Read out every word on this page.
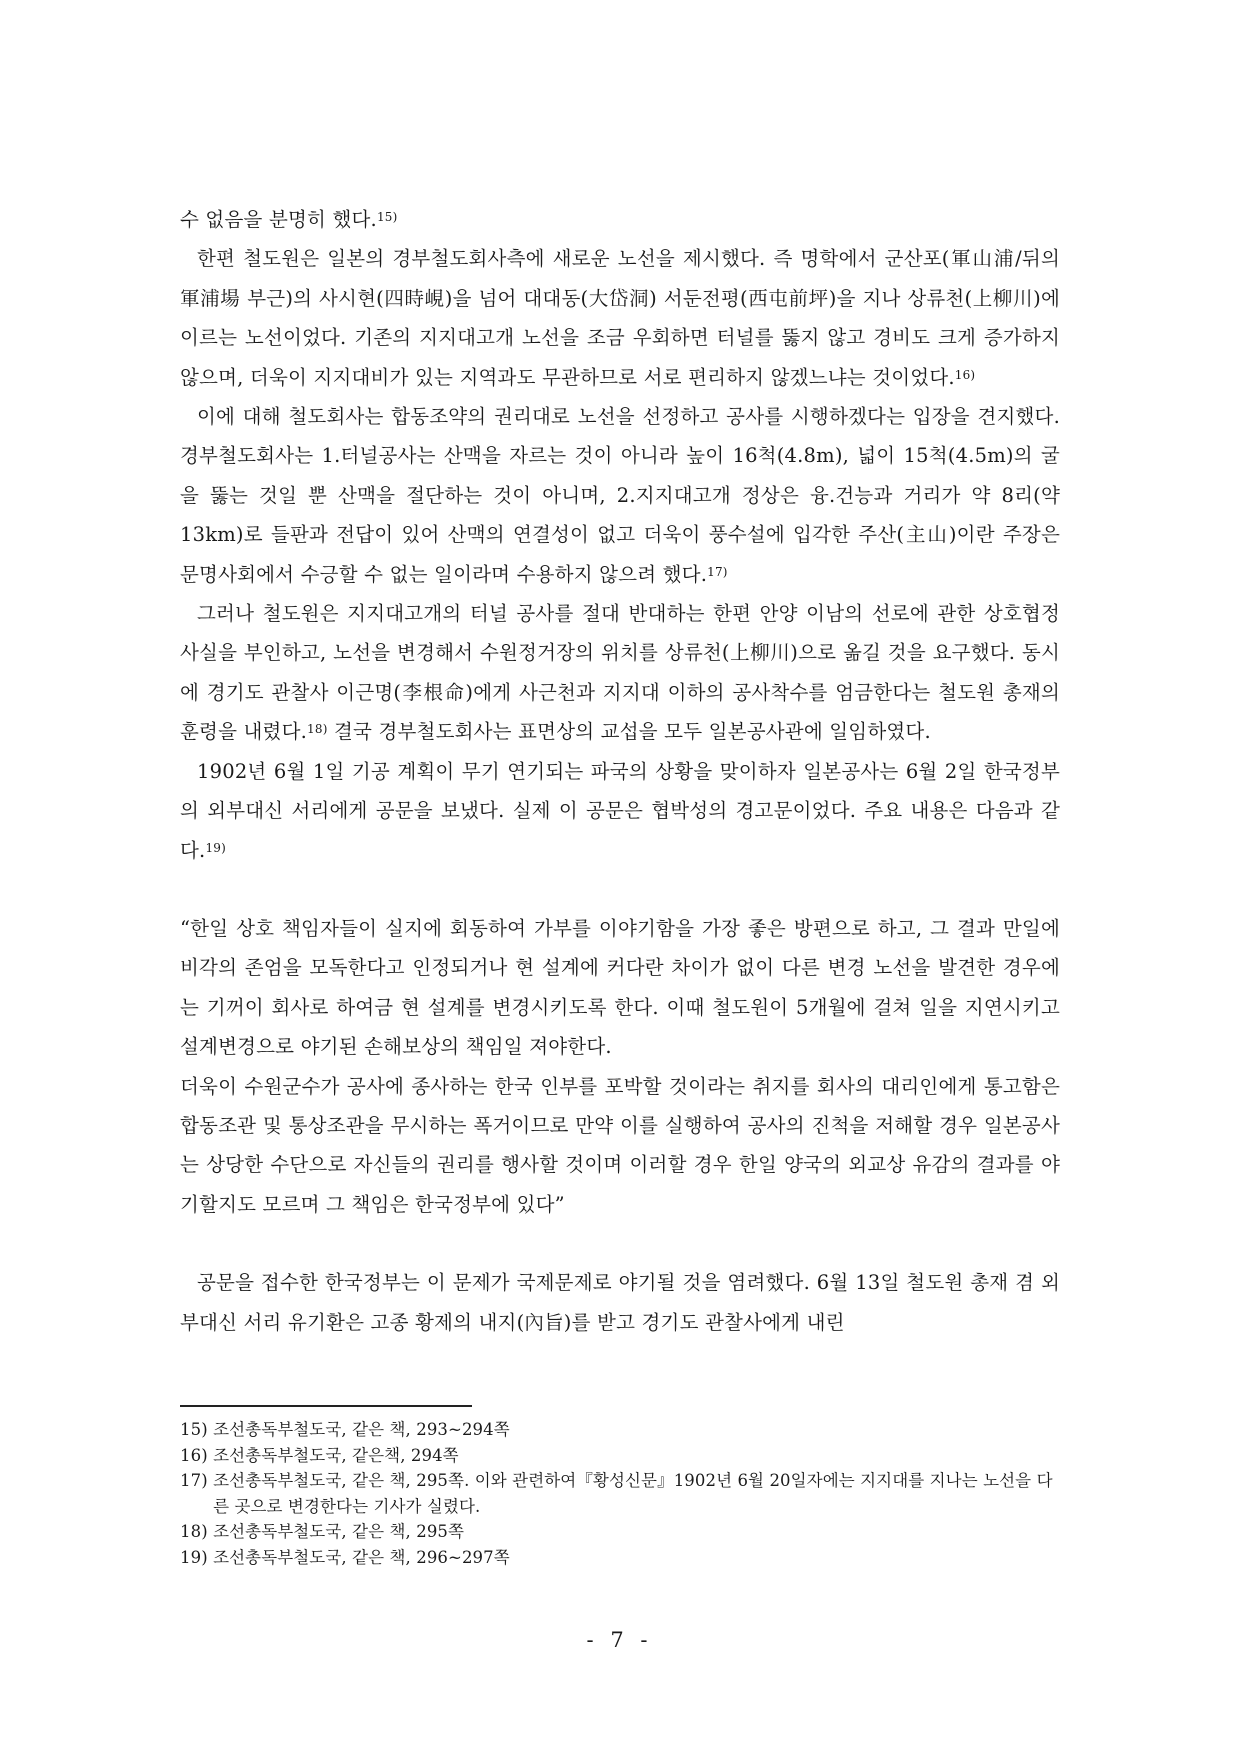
수 없음을 분명히 했다.$^{15)}$

한편 철도원은 일본의 경부철도회사측에 새로운 노선을 제시했다. 즉 명학에서 군산포(軍山浦/뒤의 軍浦場 부근)의 사시현(四時峴)을 넘어 대대동(大岱洞) 서둔전평(西屯前坪)을 지나 상류천(上柳川)에 이르는 노선이었다. 기존의 지지대고개 노선을 조금 우회하면 터널를 뚫지 않고 경비도 크게 증가하지 않으며, 더욱이 지지대비가 있는 지역과도 무관하므로 서로 편리하지 않겠느냐는 것이었다.$^{16)}$

이에 대해 철도회사는 합동조약의 권리대로 노선을 선정하고 공사를 시행하겠다는 입장을 견지했다. 경부철도회사는 1.터널공사는 산맥을 자르는 것이 아니라 높이 16척(4.8m), 넓이 15척(4.5m)의 굴을 뚫는 것일 뿐 산맥을 절단하는 것이 아니며, 2.지지대고개 정상은 융.건능과 거리가 약 8리(약 13km)로 들판과 전답이 있어 산맥의 연결성이 없고 더욱이 풍수설에 입각한 주산(主山)이란 주장은 문명사회에서 수긍할 수 없는 일이라며 수용하지 않으려 했다.$^{17)}$

그러나 철도원은 지지대고개의 터널 공사를 절대 반대하는 한편 안양 이남의 선로에 관한 상호협정 사실을 부인하고, 노선을 변경해서 수원정거장의 위치를 상류천(上柳川)으로 옮길 것을 요구했다. 동시에 경기도 관찰사 이근명(李根命)에게 사근천과 지지대 이하의 공사착수를 엄금한다는 철도원 총재의 훈령을 내렸다.$^{18)}$ 결국 경부철도회사는 표면상의 교섭을 모두 일본공사관에 일임하였다.

1902년 6월 1일 기공 계획이 무기 연기되는 파국의 상황을 맞이하자 일본공사는 6월 2일 한국정부의 외부대신 서리에게 공문을 보냈다. 실제 이 공문은 협박성의 경고문이었다. 주요 내용은 다음과 같다.$^{19)}$

“한일 상호 책임자들이 실지에 회동하여 가부를 이야기함을 가장 좋은 방편으로 하고, 그 결과 만일에 비각의 존엄을 모독한다고 인정되거나 현 설계에 커다란 차이가 없이 다른 변경 노선을 발견한 경우에는 기꺼이 회사로 하여금 현 설계를 변경시키도록 한다. 이때 철도원이 5개월에 걸쳐 일을 지연시키고 설계변경으로 야기된 손해보상의 책임일 져야한다.

더욱이 수원군수가 공사에 종사하는 한국 인부를 포박할 것이라는 취지를 회사의 대리인에게 통고함은 합동조관 및 통상조관을 무시하는 폭거이므로 만약 이를 실행하여 공사의 진척을 저해할 경우 일본공사는 상당한 수단으로 자신들의 권리를 행사할 것이며 이러할 경우 한일 양국의 외교상 유감의 결과를 야기할지도 모르며 그 책임은 한국정부에 있다”

공문을 접수한 한국정부는 이 문제가 국제문제로 야기될 것을 염려했다. 6월 13일 철도원 총재 겸 외부대신 서리 유기환은 고종 황제의 내지(內旨)를 받고 경기도 관찰사에게 내린

15) 조선총독부철도국, 같은 책, 293~294쪽
16) 조선총독부철도국, 같은책, 294쪽
17) 조선총독부철도국, 같은 책, 295쪽. 이와 관련하여『황성신문』1902년 6월 20일자에는 지지대를 지나는 노선을 다른 곳으로 변경한다는 기사가 실렸다.
18) 조선총독부철도국, 같은 책, 295쪽
19) 조선총독부철도국, 같은 책, 296~297쪽
- 7 -
